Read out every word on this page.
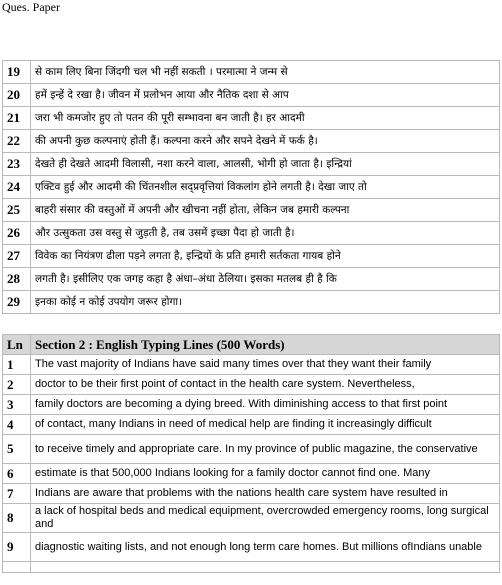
Ques. Paper
19	से काम लिए बिना जिंदगी चल भी नहीं सकती । परमात्मा ने जन्म से
20	हमें इन्हें दे रखा है। जीवन में प्रलोभन आया और नैतिक दशा से आप
21	जरा भी कमजोर हुए तो पतन की पूरी सम्भावना बन जाती है। हर आदमी
22	की अपनी कुछ कल्पनाएं होती हैं। कल्पना करने और सपने देखने में फर्क है।
23	देखते ही देखते आदमी विलासी, नशा करने वाला, आलसी, भोगी हो जाता है। इन्द्रियां
24	एक्टिव हुई और आदमी की चिंतनशील सद्प्रवृत्तियां विकलांग होने लगती है। देखा जाए तो
25	बाहरी संसार की वस्तुओं में अपनी और खीचना नहीं होता, लेकिन जब हमारी कल्पना
26	और उत्सुकता उस वस्तु से जुड़ती है, तब उसमें इच्छा पैदा हो जाती है।
27	विवेक का नियंत्रण ढीला पड़ने लगता है, इन्द्रियों के प्रति हमारी सर्तकता गायब होने
28	लगती है। इसीलिए एक जगह कहा है अंधा–अंधा ठेलिया। इसका मतलब ही है कि
29	इनका कोई न कोई उपयोग जरूर होगा।
Ln	Section 2 : English Typing Lines (500 Words)
1	The vast majority of Indians have said many times over that they want their family
2	doctor to be their first point of contact in the health care system. Nevertheless,
3	family doctors are becoming a dying breed. With diminishing access to that first point
4	of contact, many Indians in need of medical help are finding it increasingly difficult
5	to receive timely and appropriate care. In my province of public magazine, the conservative
6	estimate is that 500,000 Indians looking for a family doctor cannot find one. Many
7	Indians are aware that problems with the nations health care system have resulted in
8	a lack of hospital beds and medical equipment, overcrowded emergency rooms, long surgical and
9	diagnostic waiting lists, and not enough long term care homes. But millions ofIndians unable
